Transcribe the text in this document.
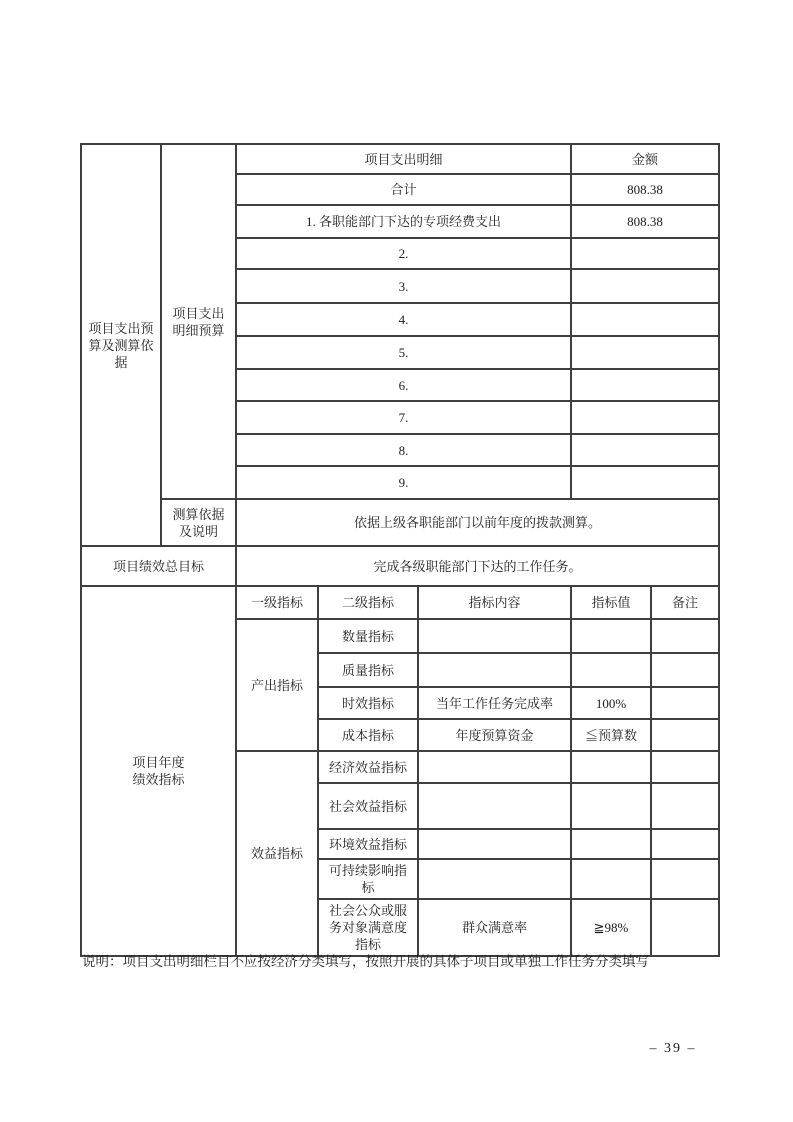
项目支出预算及测算依据	项目支出明细预算	项目支出明细			金额	
		合计			808.38	
		1. 各职能部门下达的专项经费支出			808.38	
		2.				
		3.				
		4.				
		5.				
		6.				
		7.				
		8.				
		9.				
	测算依据及说明	依据上级各职能部门以前年度的拨款测算。				
项目绩效总目标		完成各级职能部门下达的工作任务。				
项目年度绩效指标		一级指标	二级指标	指标内容	指标值	备注
		产出指标	数量指标			
			质量指标			
			时效指标	当年工作任务完成率	100%	
			成本指标	年度预算资金	≦预算数	
		效益指标	经济效益指标			
			社会效益指标			
			环境效益指标			
			可持续影响指标			
			社会公众或服务对象满意度指标	群众满意率	≧98%	
说明：项目支出明细栏目不应按经济分类填写，按照开展的具体子项目或单独工作任务分类填写
– 39 –
